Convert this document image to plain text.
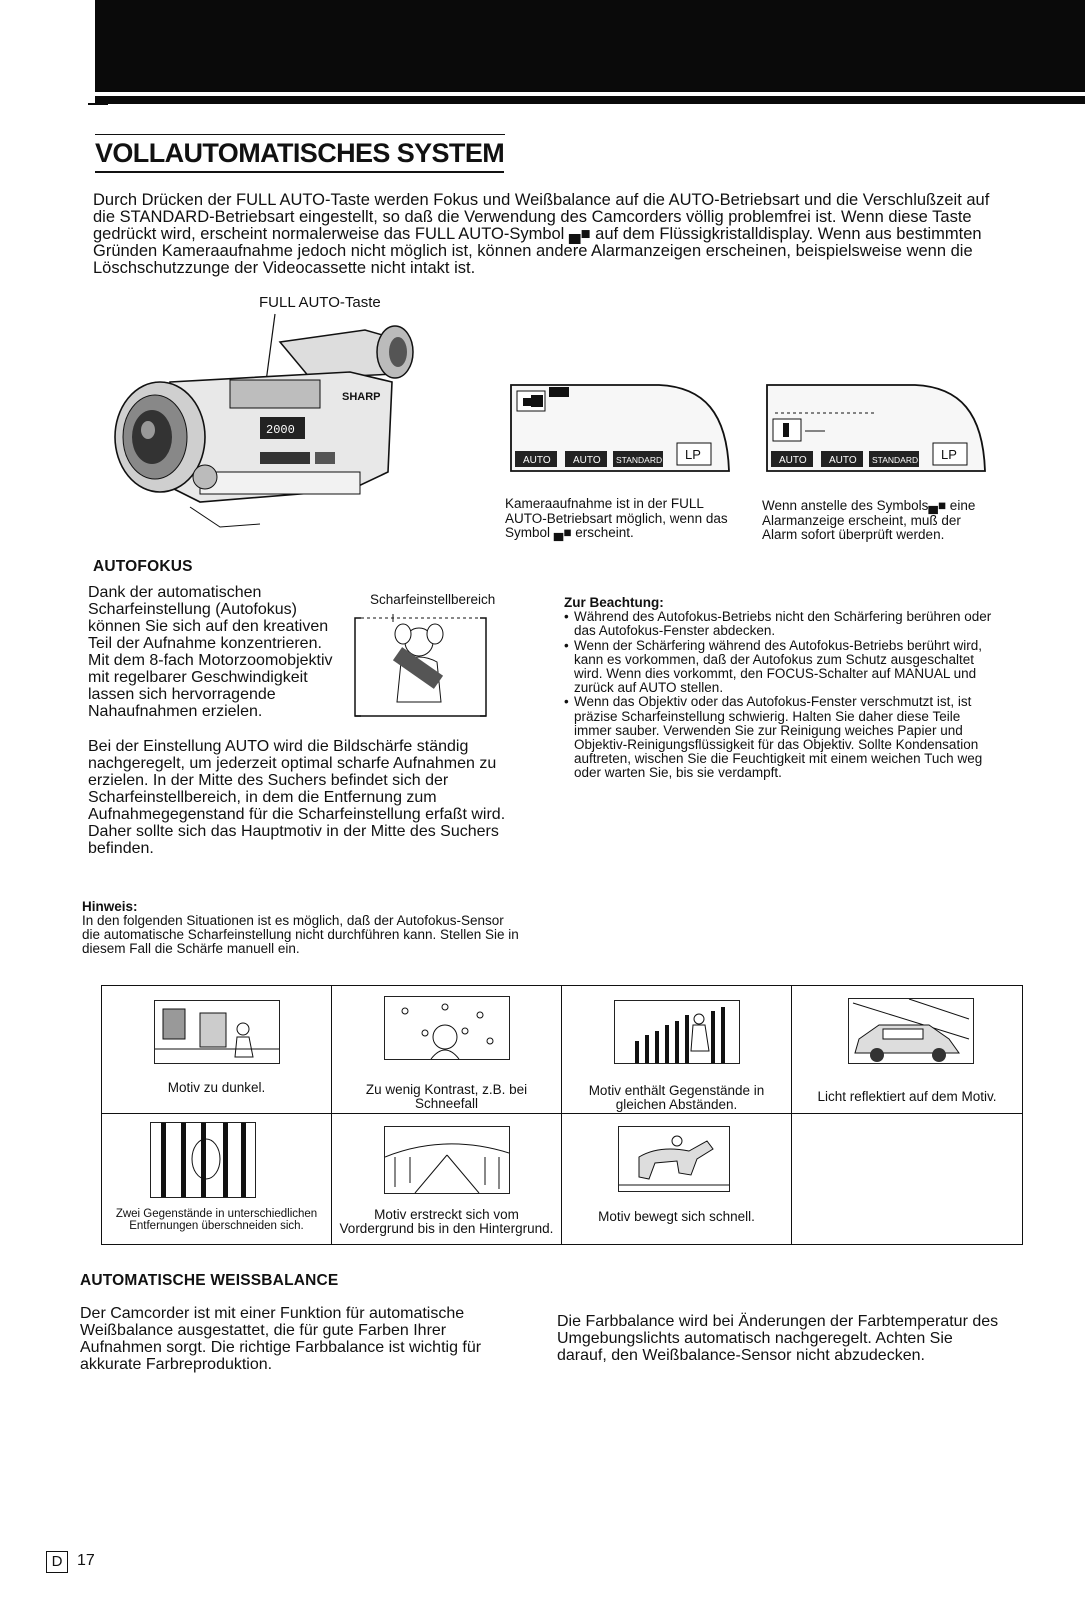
VOLLAUTOMATISCHES SYSTEM
Durch Drücken der FULL AUTO-Taste werden Fokus und Weißbalance auf die AUTO-Betriebsart und die Verschlußzeit auf die STANDARD-Betriebsart eingestellt, so daß die Verwendung des Camcorders völlig problemfrei ist. Wenn diese Taste gedrückt wird, erscheint normalerweise das FULL AUTO-Symbol ▄■ auf dem Flüssigkristalldisplay. Wenn aus bestimmten Gründen Kameraaufnahme jedoch nicht möglich ist, können andere Alarmanzeigen erscheinen, beispielsweise wenn die Löschschutzzunge der Videocassette nicht intakt ist.
FULL AUTO-Taste
SHARP
2000
AUTO AUTO STANDARD LP	AUTO AUTO STANDARD LP
Kameraaufnahme ist in der FULL AUTO-Betriebsart möglich, wenn das Symbol ▄■ erscheint.
Wenn anstelle des Symbols▄■ eine Alarmanzeige erscheint, muß der Alarm sofort überprüft werden.
AUTOFOKUS
Dank der automatischen Scharfeinstellung (Autofokus) können Sie sich auf den kreativen Teil der Aufnahme konzentrieren. Mit dem 8-fach Motorzoomobjektiv mit regelbarer Geschwindigkeit lassen sich hervorragende Nahaufnahmen erzielen.
Scharfeinstellbereich
Bei der Einstellung AUTO wird die Bildschärfe ständig nachgeregelt, um jederzeit optimal scharfe Aufnahmen zu erzielen. In der Mitte des Suchers befindet sich der Scharfeinstellbereich, in dem die Entfernung zum Aufnahmegegenstand für die Scharfeinstellung erfaßt wird. Daher sollte sich das Hauptmotiv in der Mitte des Suchers befinden.
Zur Beachtung:
• Während des Autofokus-Betriebs nicht den Schärfering berühren oder das Autofokus-Fenster abdecken.
• Wenn der Schärfering während des Autofokus-Betriebs berührt wird, kann es vorkommen, daß der Autofokus zum Schutz ausgeschaltet wird. Wenn dies vorkommt, den FOCUS-Schalter auf MANUAL und zurück auf AUTO stellen.
• Wenn das Objektiv oder das Autofokus-Fenster verschmutzt ist, ist präzise Scharfeinstellung schwierig. Halten Sie daher diese Teile immer sauber. Verwenden Sie zur Reinigung weiches Papier und Objektiv-Reinigungsflüssigkeit für das Objektiv. Sollte Kondensation auftreten, wischen Sie die Feuchtigkeit mit einem weichen Tuch weg oder warten Sie, bis sie verdampft.
Hinweis:
In den folgenden Situationen ist es möglich, daß der Autofokus-Sensor die automatische Scharfeinstellung nicht durchführen kann. Stellen Sie in diesem Fall die Schärfe manuell ein.
Motiv zu dunkel.	Zu wenig Kontrast, z.B. bei Schneefall
Motiv enthält Gegenstände in gleichen Abständen.
Licht reflektiert auf dem Motiv.
Zwei Gegenstände in unterschiedlichen Entfernungen überschneiden sich.
Motiv erstreckt sich vom Vordergrund bis in den Hintergrund.
Motiv bewegt sich schnell.
AUTOMATISCHE WEISSBALANCE
Der Camcorder ist mit einer Funktion für automatische Weißbalance ausgestattet, die für gute Farben Ihrer Aufnahmen sorgt. Die richtige Farbbalance ist wichtig für akkurate Farbreproduktion.
Die Farbbalance wird bei Änderungen der Farbtemperatur des Umgebungslichts automatisch nachgeregelt. Achten Sie darauf, den Weißbalance-Sensor nicht abzudecken.
D 17
